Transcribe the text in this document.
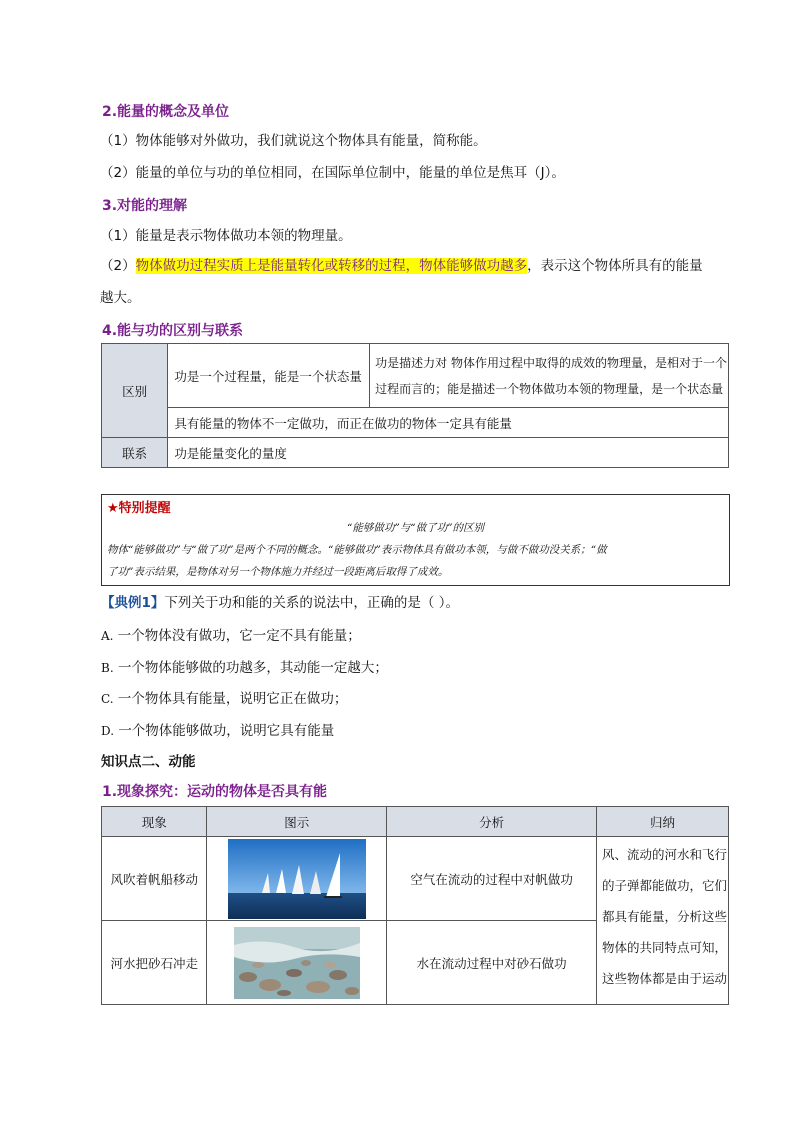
2.能量的概念及单位
（1）物体能够对外做功，我们就说这个物体具有能量，简称能。
（2）能量的单位与功的单位相同，在国际单位制中，能量的单位是焦耳（J）。
3.对能的理解
（1）能量是表示物体做功本领的物理量。
（2）物体做功过程实质上是能量转化或转移的过程，物体能够做功越多，表示这个物体所具有的能量
越大。
4.能与功的区别与联系
区别	功是一个过程量，能是一个状态量	功是描述力对 物体作用过程中取得的成效的物理量，是相对于一个
过程而言的；能是描述一个物体做功本领的物理量，是一个状态量

	具有能量的物体不一定做功，而正在做功的物体一定具有能量	
联系	功是能量变化的量度	
★特别提醒
“能够做功”与“做了功”的区别
物体“能够做功”与“做了功”是两个不同的概念。“能够做功”表示物体具有做功本领，与做不做功没关系；“做
了功”表示结果，是物体对另一个物体施力并经过一段距离后取得了成效。
【典例1】下列关于功和能的关系的说法中，正确的是（ ）。
A. 一个物体没有做功，它一定不具有能量；
B. 一个物体能够做的功越多，其动能一定越大；
C. 一个物体具有能量，说明它正在做功；
D. 一个物体能够做功，说明它具有能量
知识点二、动能
1.现象探究：运动的物体是否具有能
现象	图示	分析	归纳
风吹着帆船移动		空气在流动的过程中对帆做功	风、流动的河水和飞行
的子弹都能做功，它们
都具有能量，分析这些
物体的共同特点可知，
这些物体都是由于运动

河水把砂石冲走		水在流动过程中对砂石做功	
